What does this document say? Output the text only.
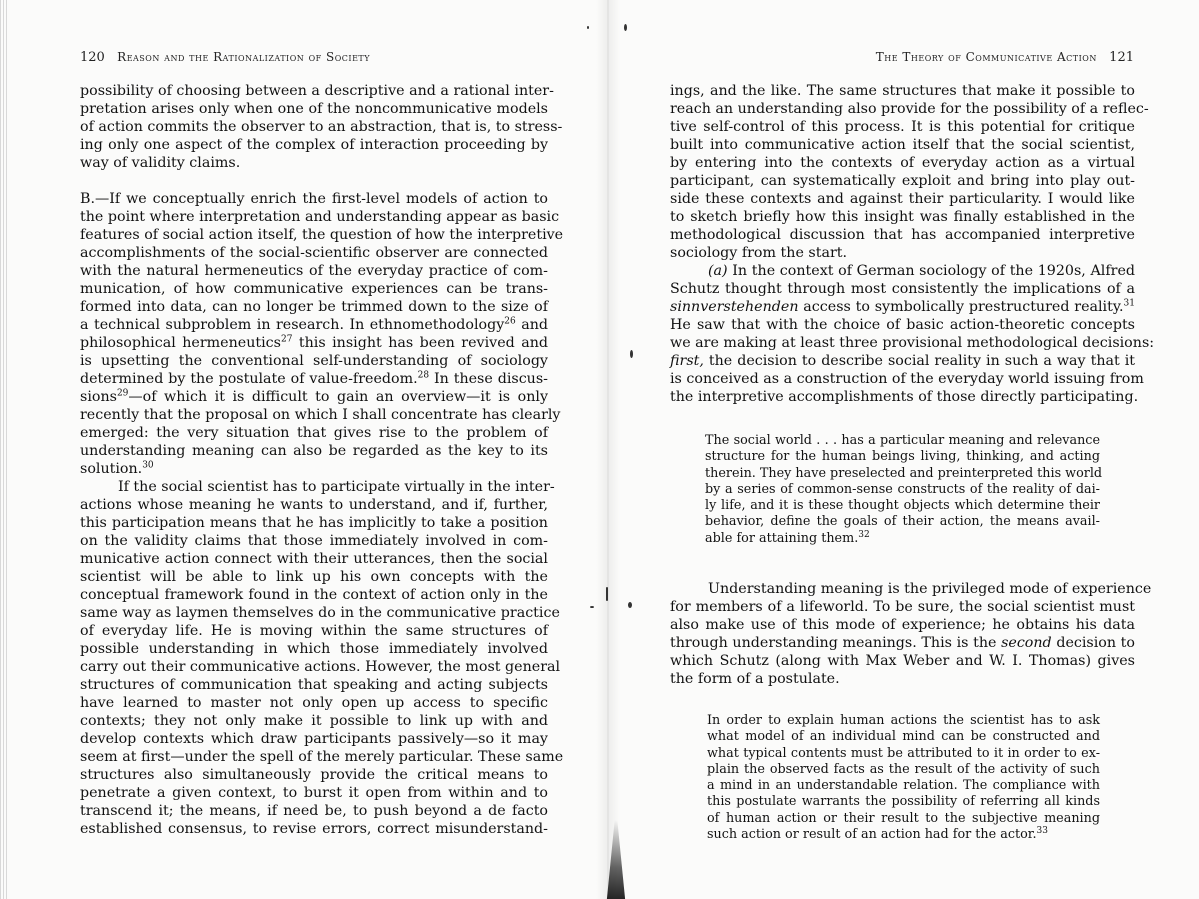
120 Reason and the Rationalization of Society
possibility of choosing between a descriptive and a rational inter-
pretation arises only when one of the noncommunicative models
of action commits the observer to an abstraction, that is, to stress-
ing only one aspect of the complex of interaction proceeding by
way of validity claims.
B.—If we conceptually enrich the first-level models of action to
the point where interpretation and understanding appear as basic
features of social action itself, the question of how the interpretive
accomplishments of the social-scientific observer are connected
with the natural hermeneutics of the everyday practice of com-
munication, of how communicative experiences can be trans-
formed into data, can no longer be trimmed down to the size of
a technical subproblem in research. In ethnomethodology$^{26}$ and
philosophical hermeneutics$^{27}$ this insight has been revived and
is upsetting the conventional self-understanding of sociology
determined by the postulate of value-freedom.$^{28}$ In these discus-
sions$^{29}$—of which it is difficult to gain an overview—it is only
recently that the proposal on which I shall concentrate has clearly
emerged: the very situation that gives rise to the problem of
understanding meaning can also be regarded as the key to its
solution.$^{30}$
If the social scientist has to participate virtually in the inter-
actions whose meaning he wants to understand, and if, further,
this participation means that he has implicitly to take a position
on the validity claims that those immediately involved in com-
municative action connect with their utterances, then the social
scientist will be able to link up his own concepts with the
conceptual framework found in the context of action only in the
same way as laymen themselves do in the communicative practice
of everyday life. He is moving within the same structures of
possible understanding in which those immediately involved
carry out their communicative actions. However, the most general
structures of communication that speaking and acting subjects
have learned to master not only open up access to specific
contexts; they not only make it possible to link up with and
develop contexts which draw participants passively—so it may
seem at first—under the spell of the merely particular. These same
structures also simultaneously provide the critical means to
penetrate a given context, to burst it open from within and to
transcend it; the means, if need be, to push beyond a de facto
established consensus, to revise errors, correct misunderstand-
The Theory of Communicative Action 121
ings, and the like. The same structures that make it possible to
reach an understanding also provide for the possibility of a reflec-
tive self-control of this process. It is this potential for critique
built into communicative action itself that the social scientist,
by entering into the contexts of everyday action as a virtual
participant, can systematically exploit and bring into play out-
side these contexts and against their particularity. I would like
to sketch briefly how this insight was finally established in the
methodological discussion that has accompanied interpretive
sociology from the start.
(a) In the context of German sociology of the 1920s, Alfred
Schutz thought through most consistently the implications of a
sinnverstehenden access to symbolically prestructured reality.$^{31}$
He saw that with the choice of basic action-theoretic concepts
we are making at least three provisional methodological decisions:
first, the decision to describe social reality in such a way that it
is conceived as a construction of the everyday world issuing from
the interpretive accomplishments of those directly participating.
The social world . . . has a particular meaning and relevance
structure for the human beings living, thinking, and acting
therein. They have preselected and preinterpreted this world
by a series of common-sense constructs of the reality of dai-
ly life, and it is these thought objects which determine their
behavior, define the goals of their action, the means avail-
able for attaining them.$^{32}$
Understanding meaning is the privileged mode of experience
for members of a lifeworld. To be sure, the social scientist must
also make use of this mode of experience; he obtains his data
through understanding meanings. This is the second decision to
which Schutz (along with Max Weber and W. I. Thomas) gives
the form of a postulate.
In order to explain human actions the scientist has to ask
what model of an individual mind can be constructed and
what typical contents must be attributed to it in order to ex-
plain the observed facts as the result of the activity of such
a mind in an understandable relation. The compliance with
this postulate warrants the possibility of referring all kinds
of human action or their result to the subjective meaning
such action or result of an action had for the actor.$^{33}$
